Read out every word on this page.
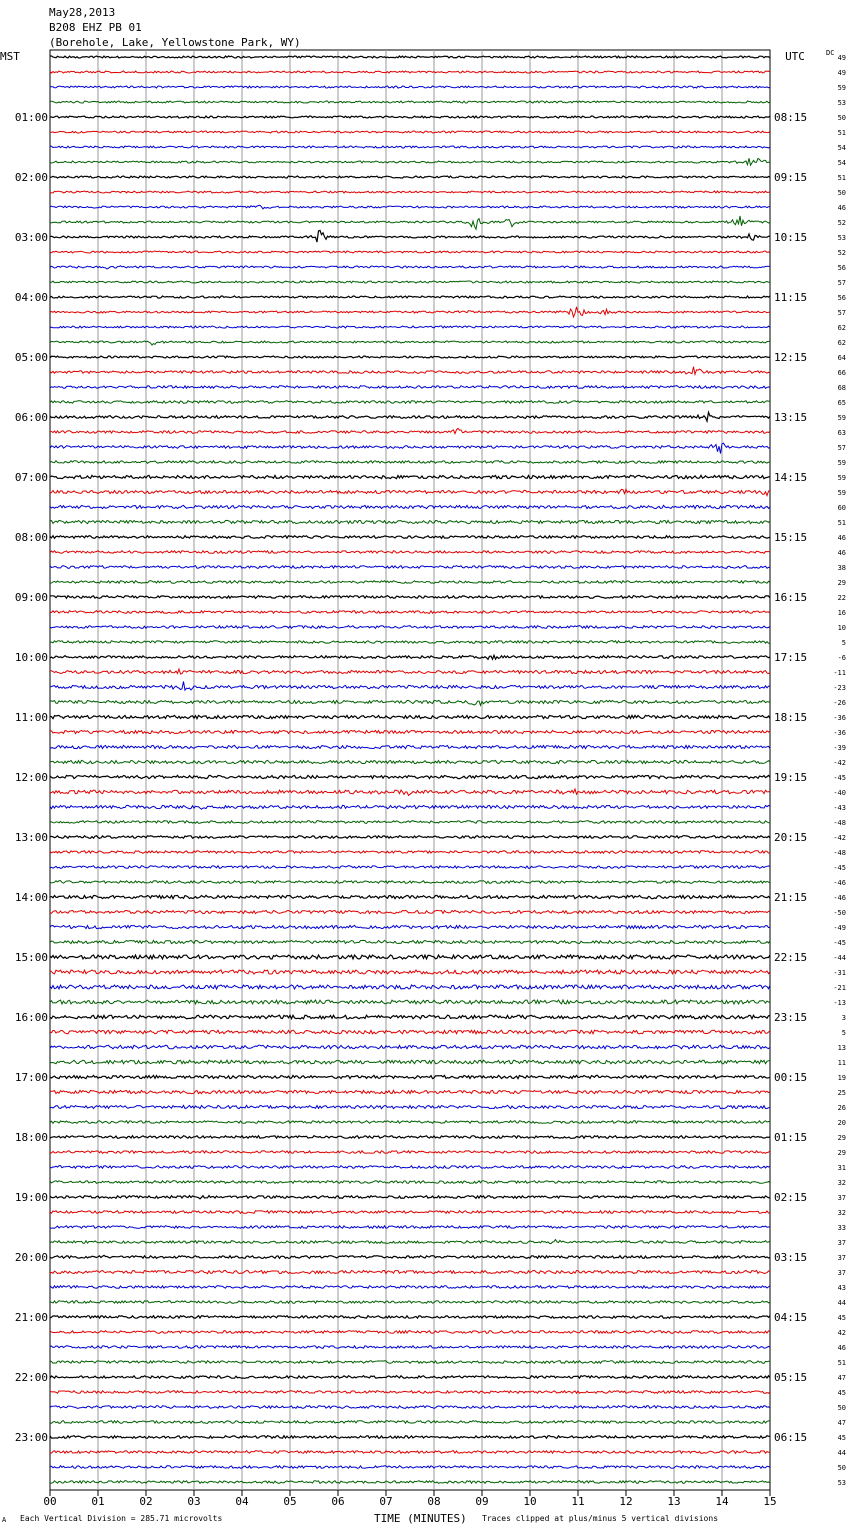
May28,2013
B208 EHZ PB 01
(Borehole, Lake, Yellowstone Park, WY)
00	01	02	03	04	05	06	07	08	09	10	11	12	13	14	15
MST	UTC	DC
49
49
59
53
50
51
54
54
51
50
46
52
53
52
56
57
56
57
62
62
64
66
68
65
59
63
57
59
59
59
60
51
46
46
38
29
22
16
10
5
-6
-11
-23
-26
-36
-36
-39
-42
-45
-40
-43
-48
-42
-48
-45
-46
-46
-50
-49
-45
-44
-31
-21
-13
3
5
13
11
19
25
26
20
29
29
31
32
37
32
33
37
37
37
43
44
45
42
46
51
47
45
50
47
45
44
50
53
01:00
02:00
03:00
04:00
05:00
06:00
07:00
08:00
09:00
10:00
11:00
12:00
13:00
14:00
15:00
16:00
17:00
18:00
19:00
20:00
21:00
22:00
23:00
08:15
09:15
10:15
11:15
12:15
13:15
14:15
15:15
16:15
17:15
18:15
19:15
20:15
21:15
22:15
23:15
00:15
01:15
02:15
03:15
04:15
05:15
06:15
A Each Vertical Division = 285.71 microvolts	TIME (MINUTES) Traces clipped at plus/minus 5 vertical divisions
